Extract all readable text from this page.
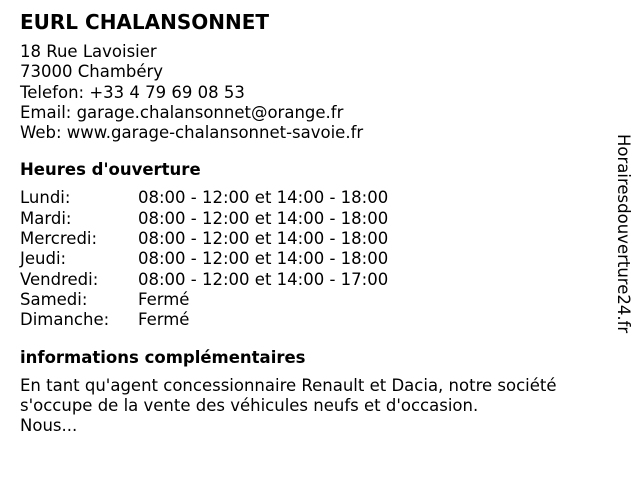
EURL CHALANSONNET
18 Rue Lavoisier
73000 Chambéry
Telefon: +33 4 79 69 08 53
Email: garage.chalansonnet@orange.fr
Web: www.garage-chalansonnet-savoie.fr
Heures d'ouverture
Lundi:	08:00 - 12:00 et 14:00 - 18:00
Mardi:	08:00 - 12:00 et 14:00 - 18:00
Mercredi:	08:00 - 12:00 et 14:00 - 18:00
Jeudi:	08:00 - 12:00 et 14:00 - 18:00
Vendredi:	08:00 - 12:00 et 14:00 - 17:00
Samedi:	Fermé
Dimanche:	Fermé
informations complémentaires
En tant qu'agent concessionnaire Renault et Dacia, notre société
s'occupe de la vente des véhicules neufs et d'occasion.
Nous...
Horairesdouverture24.fr
